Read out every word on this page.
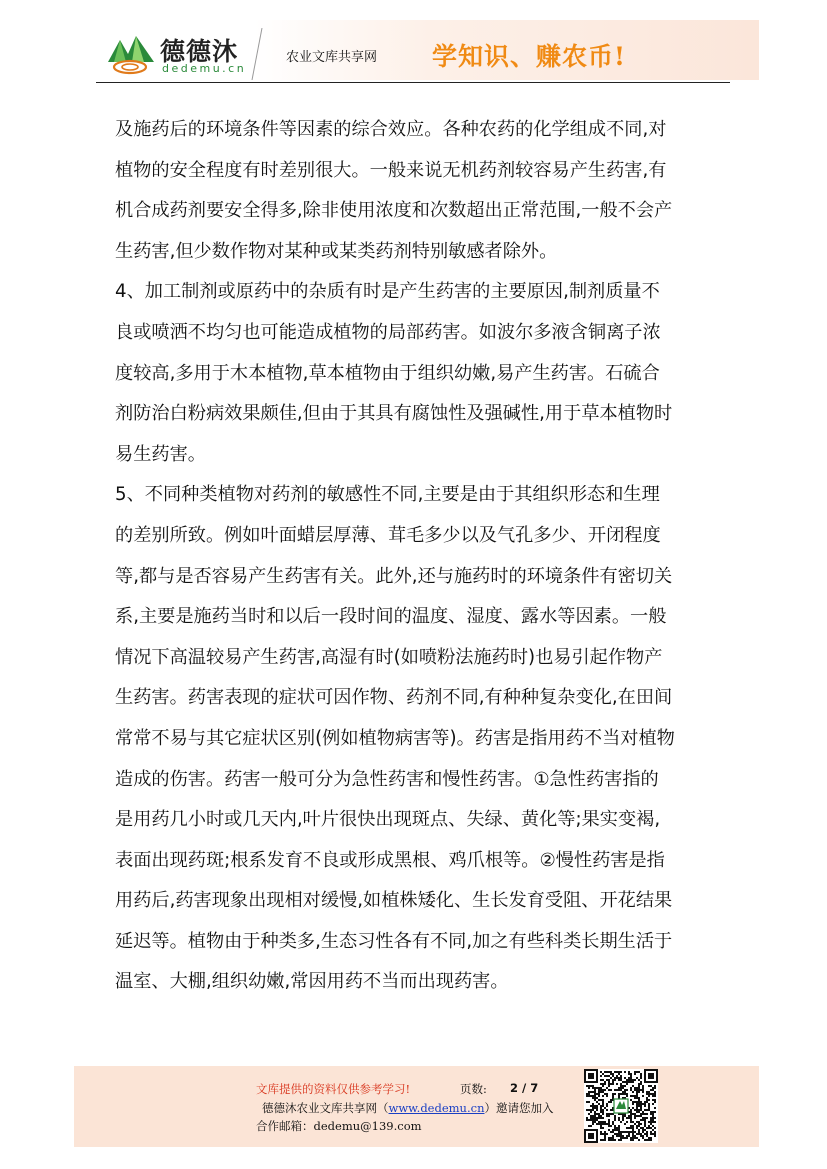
德德沐
dedemu.cn
农业文库共享网 学知识、赚农币!
及施药后的环境条件等因素的综合效应。各种农药的化学组成不同,对
植物的安全程度有时差别很大。一般来说无机药剂较容易产生药害,有
机合成药剂要安全得多,除非使用浓度和次数超出正常范围,一般不会产
生药害,但少数作物对某种或某类药剂特别敏感者除外。
4、加工制剂或原药中的杂质有时是产生药害的主要原因,制剂质量不
良或喷洒不均匀也可能造成植物的局部药害。如波尔多液含铜离子浓
度较高,多用于木本植物,草本植物由于组织幼嫩,易产生药害。石硫合
剂防治白粉病效果颇佳,但由于其具有腐蚀性及强碱性,用于草本植物时
易生药害。
5、不同种类植物对药剂的敏感性不同,主要是由于其组织形态和生理
的差别所致。例如叶面蜡层厚薄、茸毛多少以及气孔多少、开闭程度
等,都与是否容易产生药害有关。此外,还与施药时的环境条件有密切关
系,主要是施药当时和以后一段时间的温度、湿度、露水等因素。一般
情况下高温较易产生药害,高湿有时(如喷粉法施药时)也易引起作物产
生药害。药害表现的症状可因作物、药剂不同,有种种复杂变化,在田间
常常不易与其它症状区别(例如植物病害等)。药害是指用药不当对植物
造成的伤害。药害一般可分为急性药害和慢性药害。①急性药害指的
是用药几小时或几天内,叶片很快出现斑点、失绿、黄化等;果实变褐,
表面出现药斑;根系发育不良或形成黑根、鸡爪根等。②慢性药害是指
用药后,药害现象出现相对缓慢,如植株矮化、生长发育受阻、开花结果
延迟等。植物由于种类多,生态习性各有不同,加之有些科类长期生活于
温室、大棚,组织幼嫩,常因用药不当而出现药害。
文库提供的资料仅供参考学习!	页数: 2 / 7
德德沐农业文库共享网（www.dedemu.cn）邀请您加入
合作邮箱：dedemu@139.com
